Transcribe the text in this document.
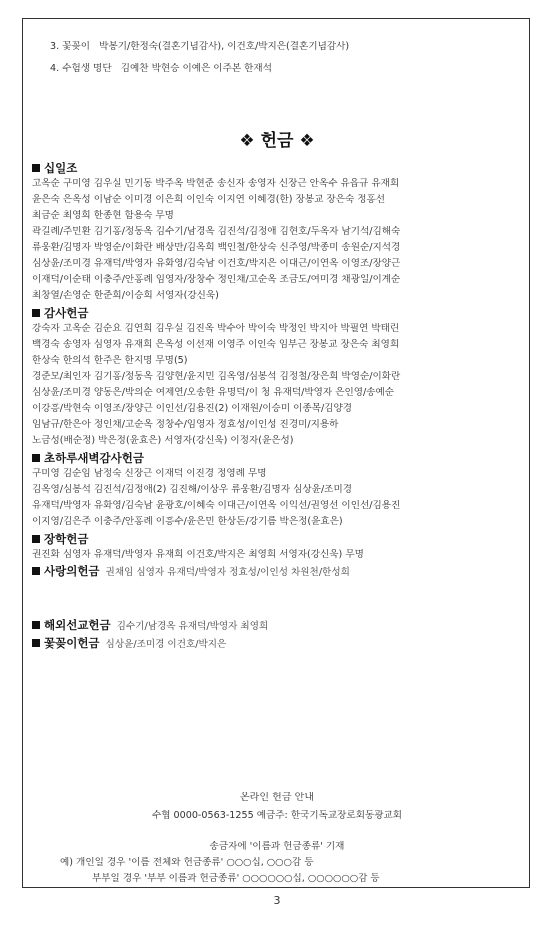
3. 꽃꽂이 박봉기/한정숙(결혼기념감사), 이건호/박지은(결혼기념감사)
4. 수험생 명단 김예찬 박현승 이예은 이주본 한재석
❖ 헌금 ❖
십일조
고옥순 구미영 김우실 민기동 박주옥 박현준 송신자 송영자 신장근 안옥수 유읍규 유재희
윤은숙 은옥성 이남순 이미경 이은희 이인숙 이지연 이혜경(한) 장봉교 장은숙 정홍선
최금순 최영희 한종현 함용숙 무명
곽길례/주민환 김기홍/정동옥 김수기/남경옥 김진석/김정애 김현호/두옥자 남기석/김해숙
류웅환/김명자 박영순/이화란 배상만/김옥희 백인철/한상숙 신주영/박종미 송원순/지석경
심상윤/조미경 유재덕/박영자 유화영/김숙남 이건호/박지은 이대근/이연옥 이영조/장양근
이재덕/이순태 이충주/안홍례 임영자/장창수 정인채/고순옥 조금도/여미경 채광일/이계순
최창열/손영순 한준희/이승희 서영자(강신욱)
감사헌금
강숙자 고옥순 김순요 김연희 김우실 김진옥 박수아 박이숙 박정인 박지아 박필연 박태린
백경숙 송영자 심영자 유재희 은옥성 이선재 이영주 이인숙 임부근 장봉교 장은숙 최영희
한상숙 한의석 한주은 한지명 무명(5)
경준모/최인자 김기홍/정동옥 김양현/윤지민 김옥영/심봉석 김정철/장은희 박영순/이화란
심상윤/조미경 양동은/박의순 여제연/오송한 유명덕/이 청 유재덕/박영자 은인영/송예순
이강흥/박현숙 이영조/장양근 이인선/김용진(2) 이재원/이승미 이종목/김양경
임남규/한은아 정인채/고순옥 정창수/임영자 정효성/이인성 진경미/지용하
노금성(배순정) 박은정(윤효은) 서영자(강신욱) 이정자(윤은성)
초하루새벽감사헌금
구미영 김순임 남정숙 신장근 이재덕 이진경 정영례 무명
김옥영/심봉석 김진석/김정애(2) 김진해/이상우 류웅환/김명자 심상윤/조미경
유재덕/박영자 유화영/김숙남 윤광호/이혜숙 이대근/이연옥 이익선/권영선 이인선/김용진
이지영/김은주 이충주/안홍례 이흥수/윤은민 한상돈/강기름 박은정(윤효은)
장학헌금
권진화 심영자 유재덕/박영자 유재희 이건호/박지은 최영희 서영자(강신욱) 무명
사랑의헌금 권채임 심영자 유재덕/박영자 정효성/이인성 차원천/한성희
해외선교헌금 김수기/남경옥 유재덕/박영자 최영희
꽃꽂이헌금 심상윤/조미경 이건호/박지은
온라인 헌금 안내
수협 0000-0563-1255 예금주: 한국기독교장로회동광교회
송금자에 '이름과 헌금종류' 기재
예) 개인일 경우 '이름 전체와 헌금종류' ○○○십, ○○○감 등
부부일 경우 '부부 이름과 헌금종류' ○○○○○○십, ○○○○○○감 등
3
